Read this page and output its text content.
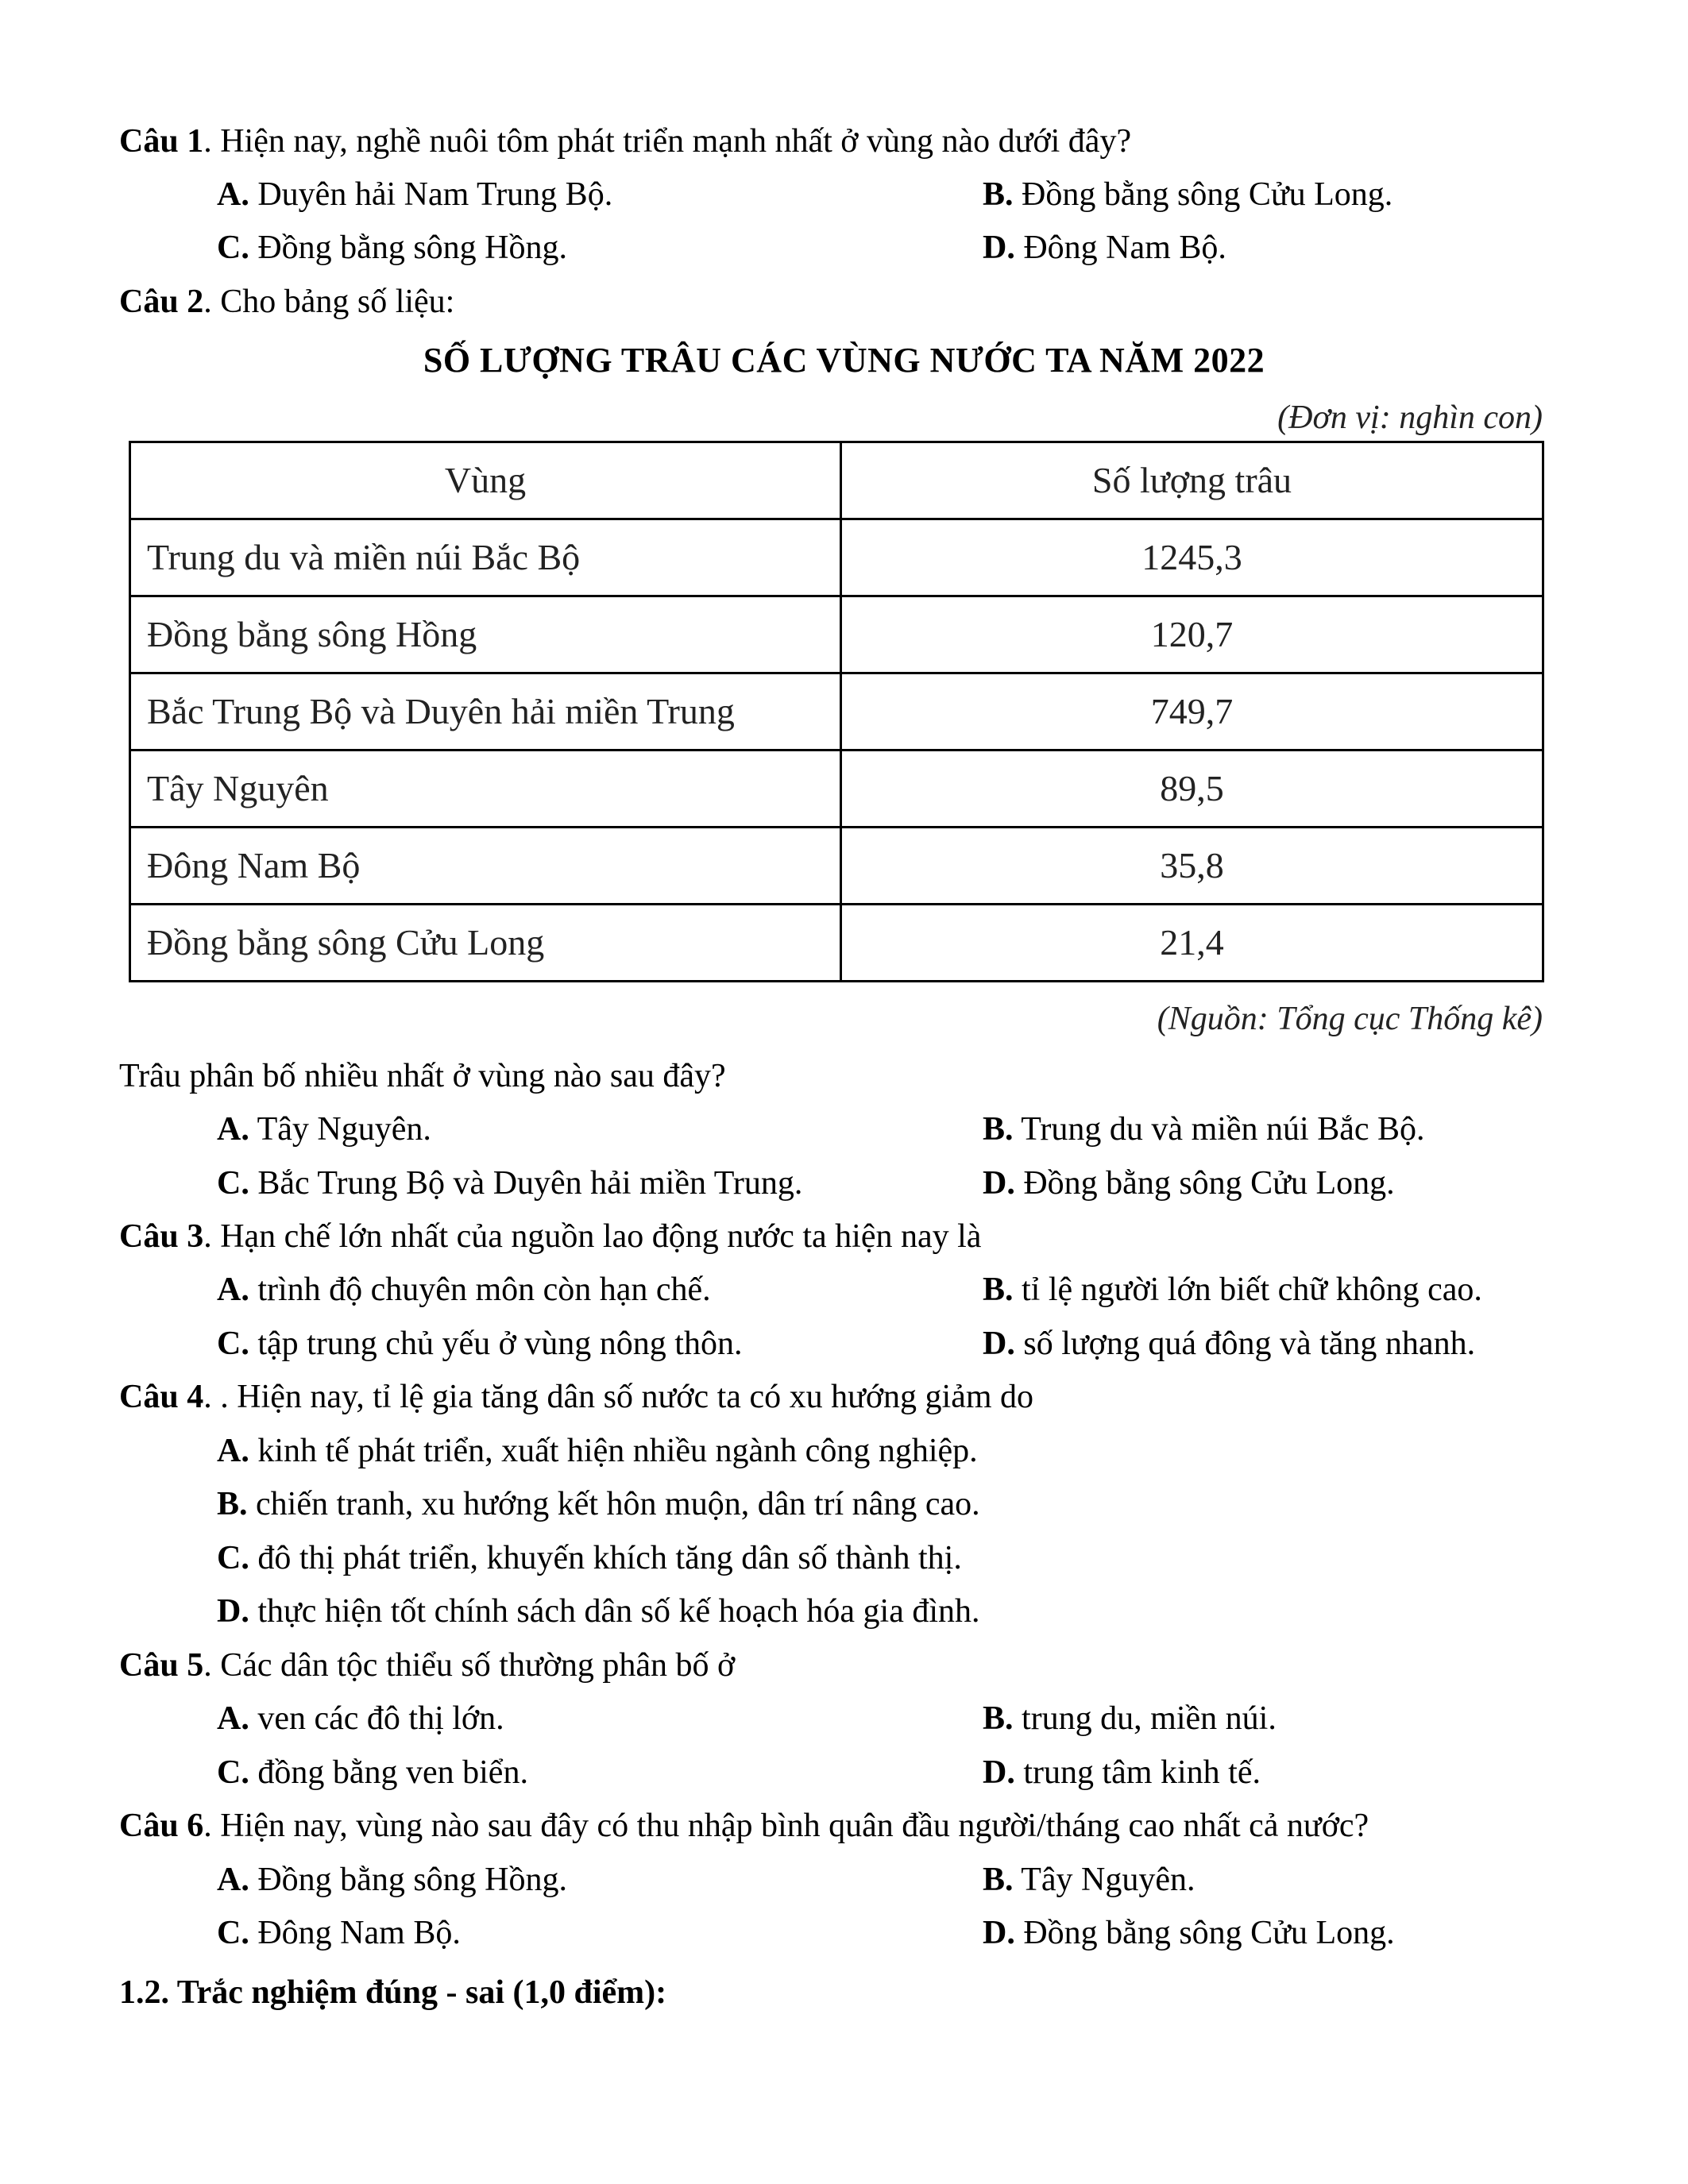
Câu 1. Hiện nay, nghề nuôi tôm phát triển mạnh nhất ở vùng nào dưới đây?
A. Duyên hải Nam Trung Bộ.	B. Đồng bằng sông Cửu Long.
C. Đồng bằng sông Hồng.	D. Đông Nam Bộ.
Câu 2. Cho bảng số liệu:
SỐ LƯỢNG TRÂU CÁC VÙNG NƯỚC TA NĂM 2022
(Đơn vị: nghìn con)
Vùng	Số lượng trâu
Trung du và miền núi Bắc Bộ	1245,3
Đồng bằng sông Hồng	120,7
Bắc Trung Bộ và Duyên hải miền Trung	749,7
Tây Nguyên	89,5
Đông Nam Bộ	35,8
Đồng bằng sông Cửu Long	21,4
(Nguồn: Tổng cục Thống kê)
Trâu phân bố nhiều nhất ở vùng nào sau đây?
A. Tây Nguyên.	B. Trung du và miền núi Bắc Bộ.
C. Bắc Trung Bộ và Duyên hải miền Trung.	D. Đồng bằng sông Cửu Long.
Câu 3. Hạn chế lớn nhất của nguồn lao động nước ta hiện nay là
A. trình độ chuyên môn còn hạn chế.	B. tỉ lệ người lớn biết chữ không cao.
C. tập trung chủ yếu ở vùng nông thôn.	D. số lượng quá đông và tăng nhanh.
Câu 4. . Hiện nay, tỉ lệ gia tăng dân số nước ta có xu hướng giảm do
A. kinh tế phát triển, xuất hiện nhiều ngành công nghiệp.
B. chiến tranh, xu hướng kết hôn muộn, dân trí nâng cao.
C. đô thị phát triển, khuyến khích tăng dân số thành thị.
D. thực hiện tốt chính sách dân số kế hoạch hóa gia đình.
Câu 5. Các dân tộc thiểu số thường phân bố ở
A. ven các đô thị lớn.	B. trung du, miền núi.
C. đồng bằng ven biển.	D. trung tâm kinh tế.
Câu 6. Hiện nay, vùng nào sau đây có thu nhập bình quân đầu người/tháng cao nhất cả nước?
A. Đồng bằng sông Hồng.	B. Tây Nguyên.
C. Đông Nam Bộ.	D. Đồng bằng sông Cửu Long.
1.2. Trắc nghiệm đúng - sai (1,0 điểm):
